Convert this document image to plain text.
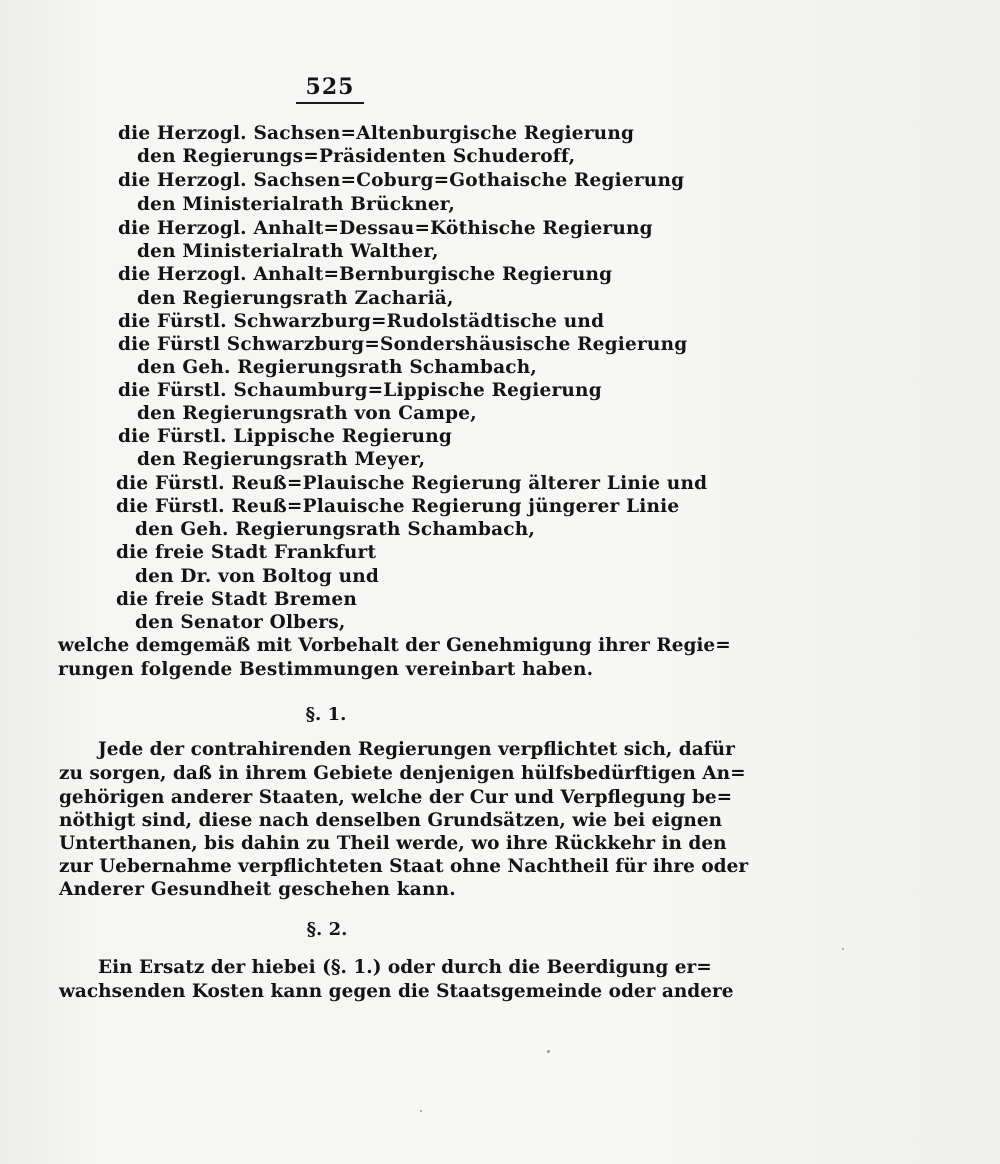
525
die Herzogl. Sachsen=Altenburgische Regierung
den Regierungs=Präsidenten Schuderoff,
die Herzogl. Sachsen=Coburg=Gothaische Regierung
den Ministerialrath Brückner,
die Herzogl. Anhalt=Dessau=Köthische Regierung
den Ministerialrath Walther,
die Herzogl. Anhalt=Bernburgische Regierung
den Regierungsrath Zachariä,
die Fürstl. Schwarzburg=Rudolstädtische und
die Fürstl Schwarzburg=Sondershäusische Regierung
den Geh. Regierungsrath Schambach,
die Fürstl. Schaumburg=Lippische Regierung
den Regierungsrath von Campe,
die Fürstl. Lippische Regierung
den Regierungsrath Meyer,
die Fürstl. Reuß=Plauische Regierung älterer Linie und
die Fürstl. Reuß=Plauische Regierung jüngerer Linie
den Geh. Regierungsrath Schambach,
die freie Stadt Frankfurt
den Dr. von Boltog und
die freie Stadt Bremen
den Senator Olbers,
welche demgemäß mit Vorbehalt der Genehmigung ihrer Regie=
rungen folgende Bestimmungen vereinbart haben.
§. 1.
Jede der contrahirenden Regierungen verpflichtet sich, dafür
zu sorgen, daß in ihrem Gebiete denjenigen hülfsbedürftigen An=
gehörigen anderer Staaten, welche der Cur und Verpflegung be=
nöthigt sind, diese nach denselben Grundsätzen, wie bei eignen
Unterthanen, bis dahin zu Theil werde, wo ihre Rückkehr in den
zur Uebernahme verpflichteten Staat ohne Nachtheil für ihre oder
Anderer Gesundheit geschehen kann.
§. 2.
Ein Ersatz der hiebei (§. 1.) oder durch die Beerdigung er=
wachsenden Kosten kann gegen die Staatsgemeinde oder andere
